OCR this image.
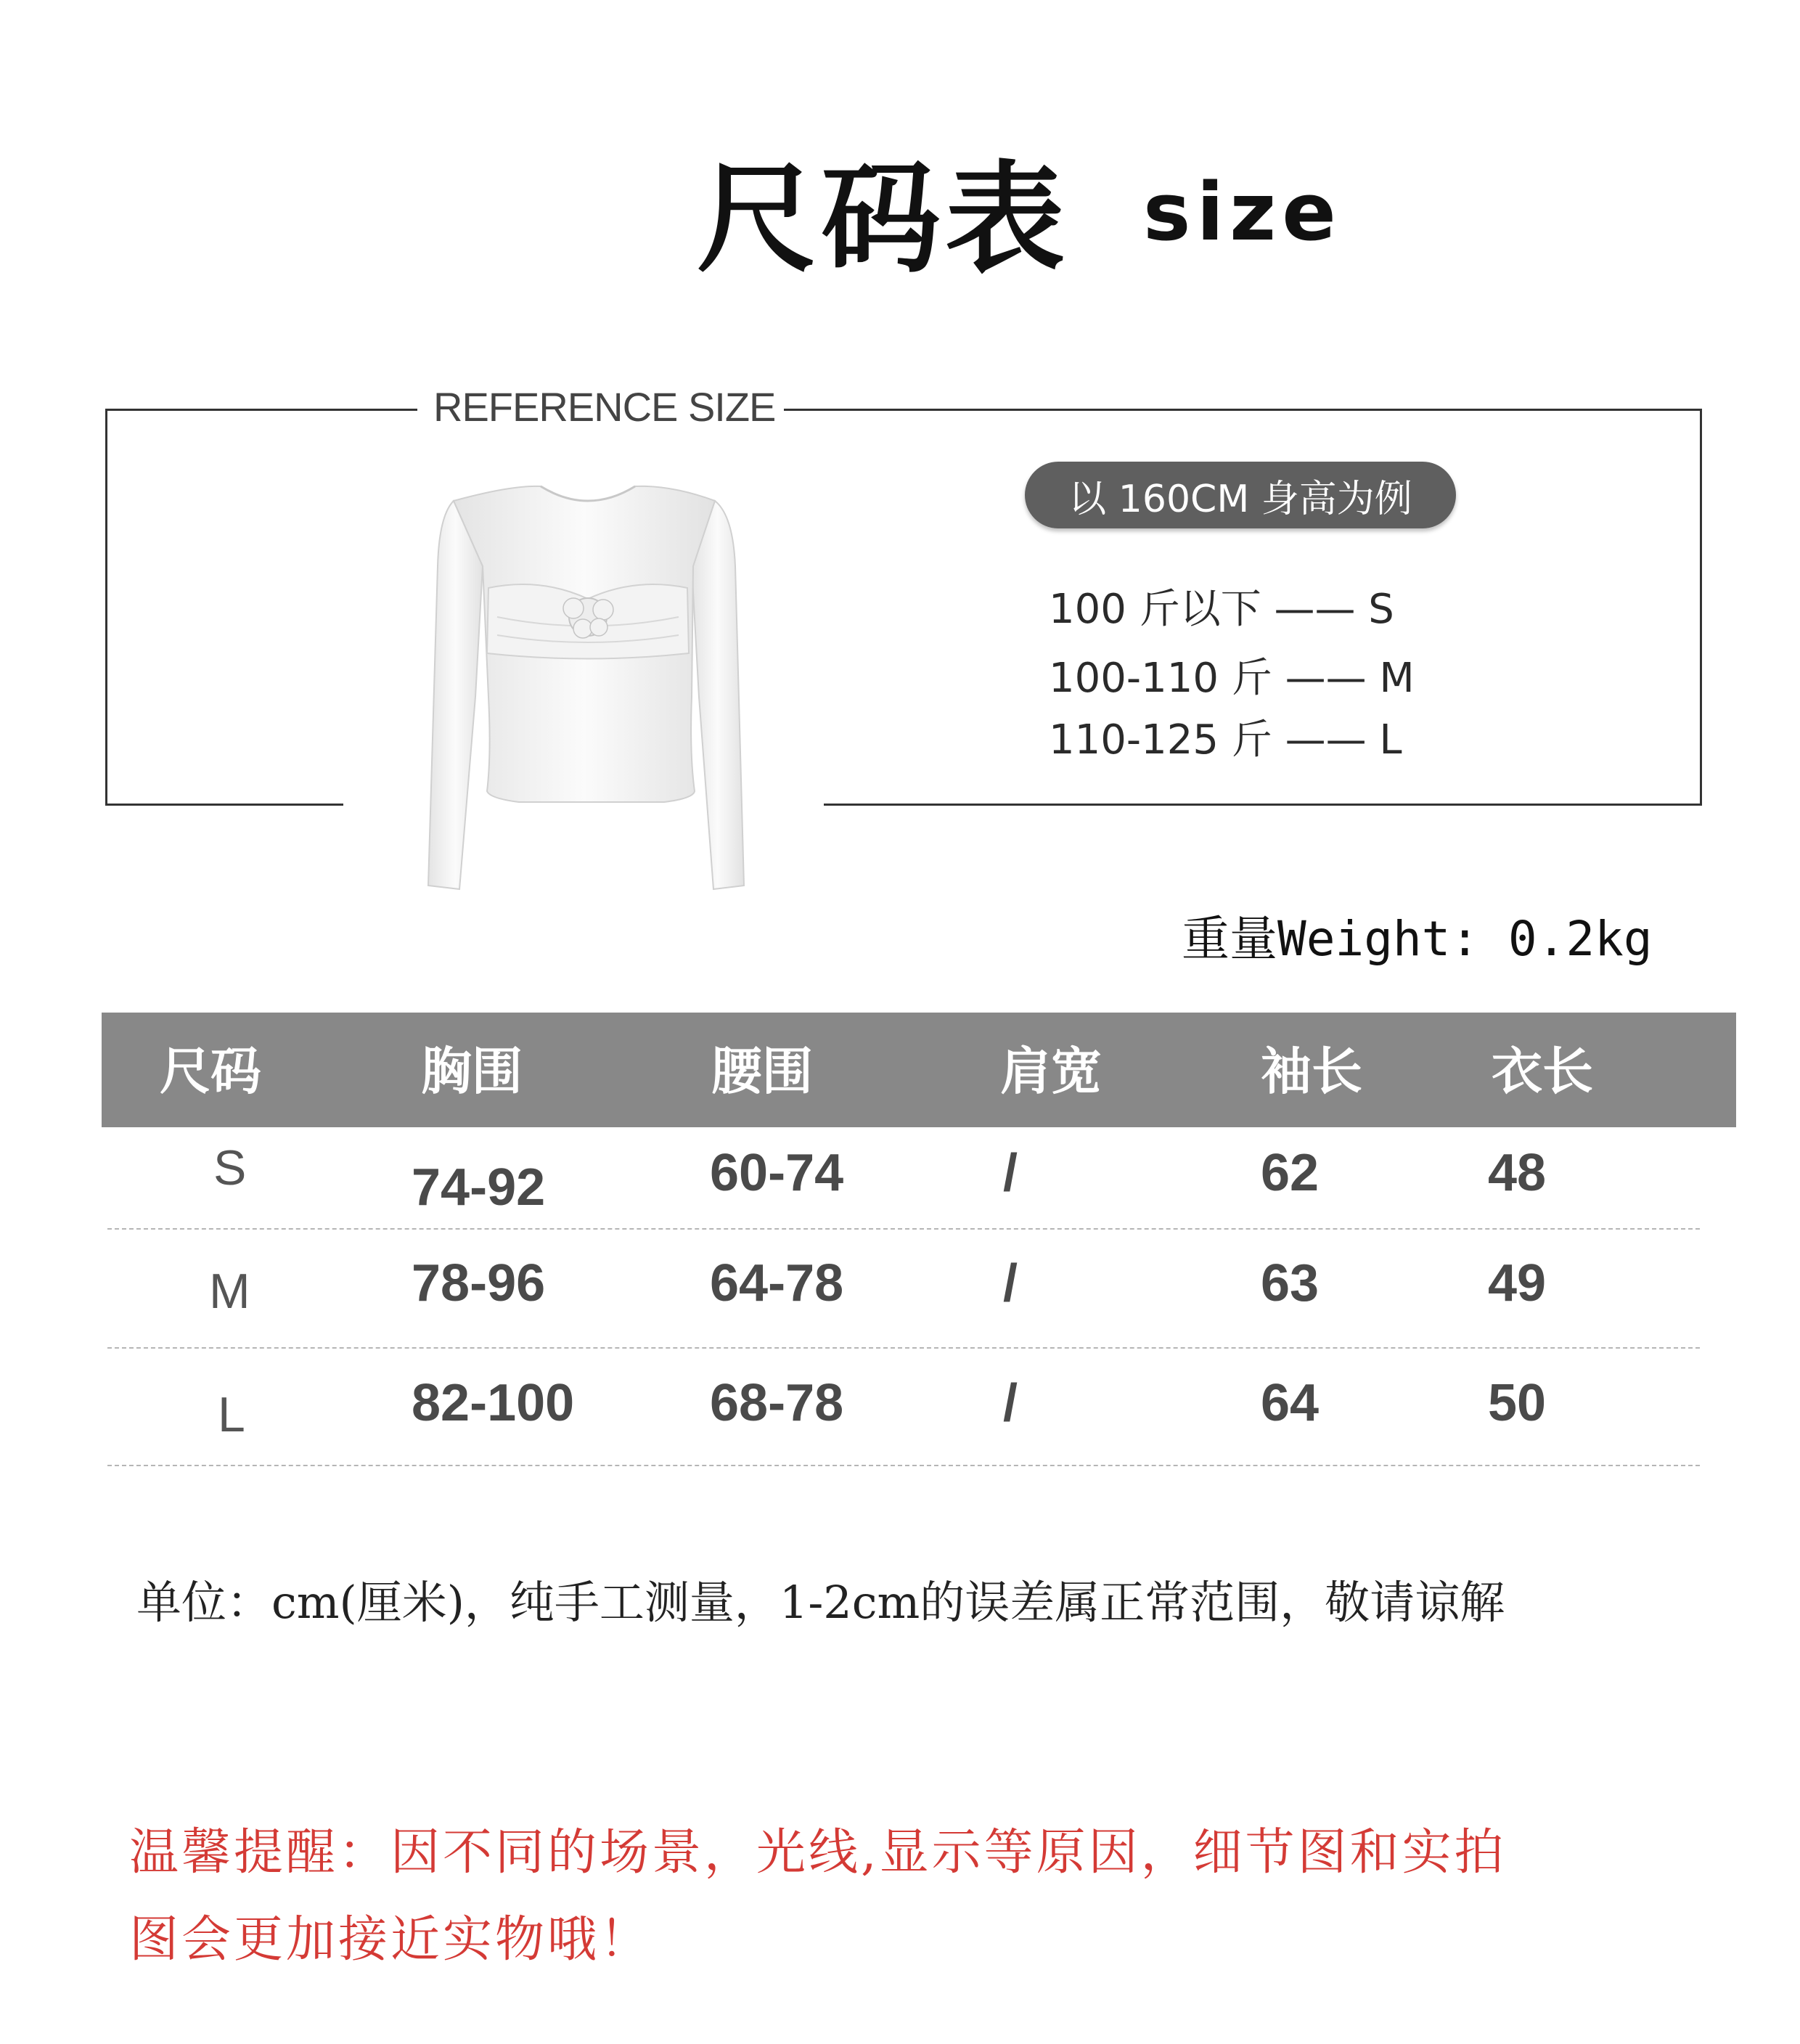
尺码表 size
REFERENCE SIZE
以 160CM 身高为例
100 斤以下 —— S
100-110 斤 —— M
110-125 斤 —— L
重量Weight: 0.2kg
尺码	胸围	腰围	肩宽	袖长	衣长
S	74-92	60-74	/	62	48
M	78-96	64-78	/	63	49
L	82-100	68-78	/	64	50
单位：cm(厘米)，纯手工测量，1-2cm的误差属正常范围，敬请谅解
温馨提醒：因不同的场景，光线,显示等原因，细节图和实拍
图会更加接近实物哦！
